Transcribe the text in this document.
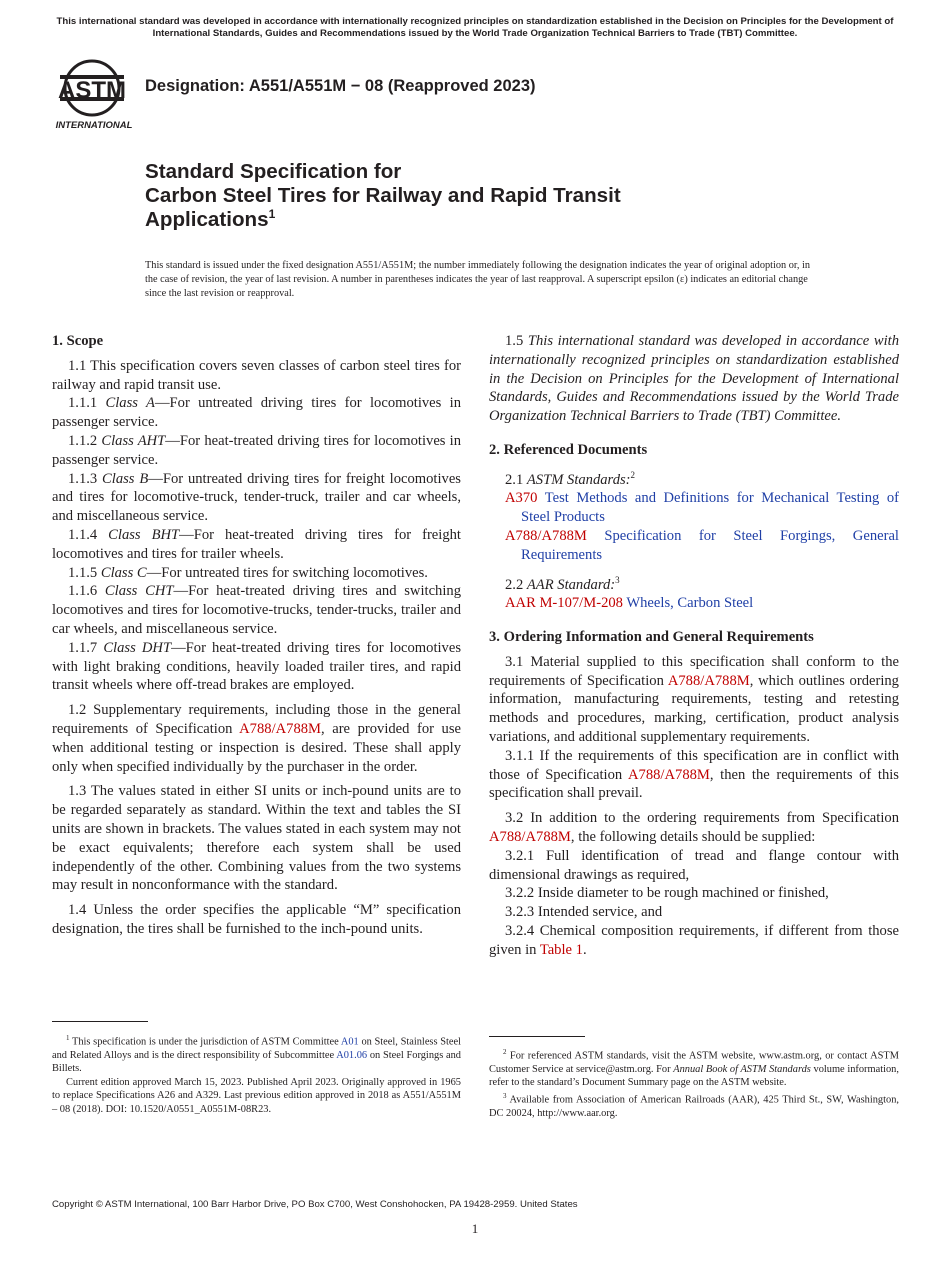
This international standard was developed in accordance with internationally recognized principles on standardization established in the Decision on Principles for the Development of International Standards, Guides and Recommendations issued by the World Trade Organization Technical Barriers to Trade (TBT) Committee.
ASTM
INTERNATIONAL
Designation: A551/A551M − 08 (Reapproved 2023)
Standard Specification for
Carbon Steel Tires for Railway and Rapid Transit
Applications$^1$
This standard is issued under the fixed designation A551/A551M; the number immediately following the designation indicates the year of original adoption or, in the case of revision, the year of last revision. A number in parentheses indicates the year of last reapproval. A superscript epsilon (ε) indicates an editorial change since the last revision or reapproval.

1. Scope

1.1 This specification covers seven classes of carbon steel tires for railway and rapid transit use.

1.1.1 Class A—For untreated driving tires for locomotives in passenger service.

1.1.2 Class AHT—For heat-treated driving tires for locomotives in passenger service.

1.1.3 Class B—For untreated driving tires for freight locomotives and tires for locomotive-truck, tender-truck, trailer and car wheels, and miscellaneous service.

1.1.4 Class BHT—For heat-treated driving tires for freight locomotives and tires for trailer wheels.

1.1.5 Class C—For untreated tires for switching locomotives.

1.1.6 Class CHT—For heat-treated driving tires and switching locomotives and tires for locomotive-trucks, tender-trucks, trailer and car wheels, and miscellaneous service.

1.1.7 Class DHT—For heat-treated driving tires for locomotives with light braking conditions, heavily loaded trailer tires, and rapid transit wheels where off-tread brakes are employed.

1.2 Supplementary requirements, including those in the general requirements of Specification A788/A788M, are provided for use when additional testing or inspection is desired. These shall apply only when specified individually by the purchaser in the order.

1.3 The values stated in either SI units or inch-pound units are to be regarded separately as standard. Within the text and tables the SI units are shown in brackets. The values stated in each system may not be exact equivalents; therefore each system shall be used independently of the other. Combining values from the two systems may result in nonconformance with the standard.

1.4 Unless the order specifies the applicable “M” specification designation, the tires shall be furnished to the inch-pound units.

1.5 This international standard was developed in accordance with internationally recognized principles on standardization established in the Decision on Principles for the Development of International Standards, Guides and Recommendations issued by the World Trade Organization Technical Barriers to Trade (TBT) Committee.

2. Referenced Documents

2.1 ASTM Standards:$^2$

A370 Test Methods and Definitions for Mechanical Testing of Steel Products

A788/A788M Specification for Steel Forgings, General Requirements

2.2 AAR Standard:$^3$

AAR M-107/M-208 Wheels, Carbon Steel

3. Ordering Information and General Requirements

3.1 Material supplied to this specification shall conform to the requirements of Specification A788/A788M, which outlines ordering information, manufacturing requirements, testing and retesting methods and procedures, marking, certification, product analysis variations, and additional supplementary requirements.

3.1.1 If the requirements of this specification are in conflict with those of Specification A788/A788M, then the requirements of this specification shall prevail.

3.2 In addition to the ordering requirements from Specification A788/A788M, the following details should be supplied:

3.2.1 Full identification of tread and flange contour with dimensional drawings as required,

3.2.2 Inside diameter to be rough machined or finished,

3.2.3 Intended service, and

3.2.4 Chemical composition requirements, if different from those given in Table 1.

$^1$ This specification is under the jurisdiction of ASTM Committee A01 on Steel, Stainless Steel and Related Alloys and is the direct responsibility of Subcommittee A01.06 on Steel Forgings and Billets.

Current edition approved March 15, 2023. Published April 2023. Originally approved in 1965 to replace Specifications A26 and A329. Last previous edition approved in 2018 as A551/A551M – 08 (2018). DOI: 10.1520/A0551_A0551M-08R23.

$^2$ For referenced ASTM standards, visit the ASTM website, www.astm.org, or contact ASTM Customer Service at service@astm.org. For Annual Book of ASTM Standards volume information, refer to the standard’s Document Summary page on the ASTM website.

$^3$ Available from Association of American Railroads (AAR), 425 Third St., SW, Washington, DC 20024, http://www.aar.org.

Copyright © ASTM International, 100 Barr Harbor Drive, PO Box C700, West Conshohocken, PA 19428-2959. United States
1
